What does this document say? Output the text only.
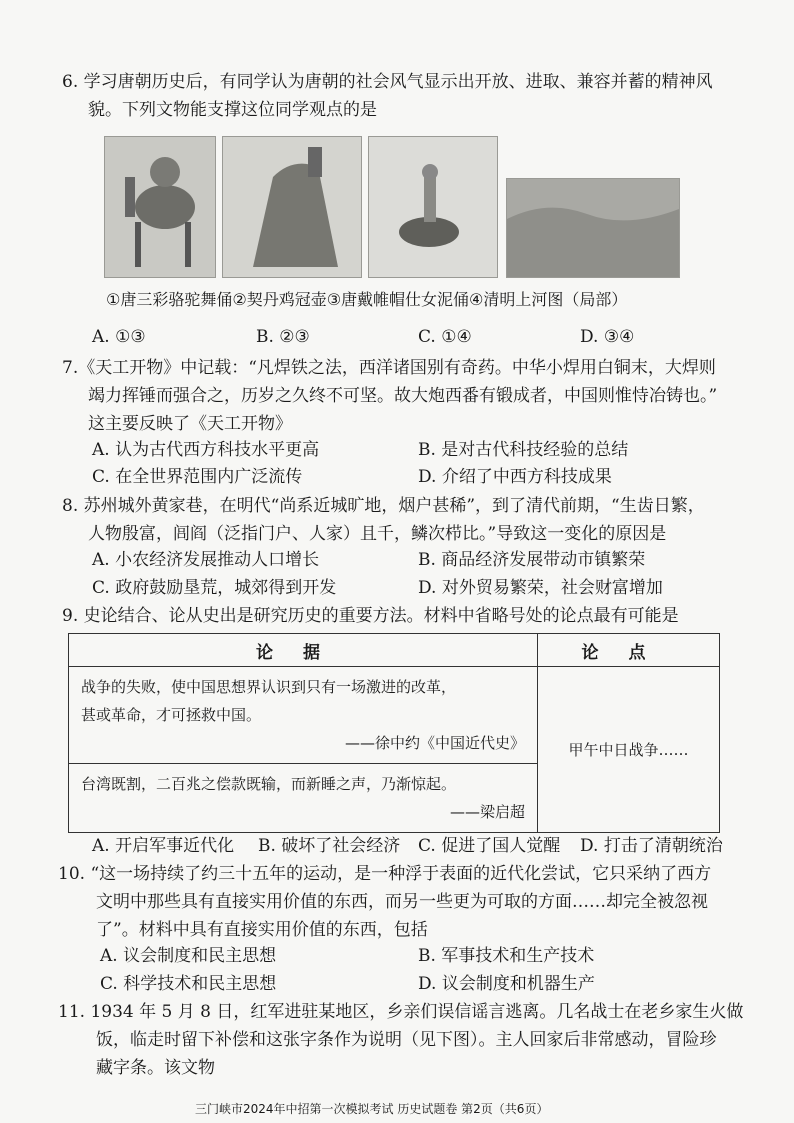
6. 学习唐朝历史后，有同学认为唐朝的社会风气显示出开放、进取、兼容并蓄的精神风
貌。下列文物能支撑这位同学观点的是
①唐三彩骆驼舞俑②契丹鸡冠壶③唐戴帷帽仕女泥俑④清明上河图（局部）
A. ①③	B. ②③	C. ①④	D. ③④
7.《天工开物》中记载：“凡焊铁之法，西洋诸国别有奇药。中华小焊用白铜末，大焊则
竭力挥锤而强合之，历岁之久终不可坚。故大炮西番有锻成者，中国则惟恃冶铸也。”
这主要反映了《天工开物》
A. 认为古代西方科技水平更高	B. 是对古代科技经验的总结
C. 在全世界范围内广泛流传	D. 介绍了中西方科技成果
8. 苏州城外黄家巷，在明代“尚系近城旷地，烟户甚稀”，到了清代前期，“生齿日繁，
人物殷富，闾阎（泛指门户、人家）且千，鳞次栉比。”导致这一变化的原因是
A. 小农经济发展推动人口增长	B. 商品经济发展带动市镇繁荣
C. 政府鼓励垦荒，城郊得到开发	D. 对外贸易繁荣，社会财富增加
9. 史论结合、论从史出是研究历史的重要方法。材料中省略号处的论点最有可能是
论据	论点

战争的失败，使中国思想界认识到只有一场激进的改革，
甚或革命，才可拯救中国。
——徐中约《中国近代史》	甲午中日战争……

台湾既割，二百兆之偿款既输，而新睡之声，乃渐惊起。
——梁启超	
A. 开启军事近代化 B. 破坏了社会经济 C. 促进了国人觉醒 D. 打击了清朝统治
10. “这一场持续了约三十五年的运动，是一种浮于表面的近代化尝试，它只采纳了西方
文明中那些具有直接实用价值的东西，而另一些更为可取的方面……却完全被忽视
了”。材料中具有直接实用价值的东西，包括
A. 议会制度和民主思想	B. 军事技术和生产技术
C. 科学技术和民主思想	D. 议会制度和机器生产
11. 1934 年 5 月 8 日，红军进驻某地区，乡亲们误信谣言逃离。几名战士在老乡家生火做
饭，临走时留下补偿和这张字条作为说明（见下图）。主人回家后非常感动，冒险珍
藏字条。该文物
三门峡市2024年中招第一次模拟考试 历史试题卷 第2页（共6页）
